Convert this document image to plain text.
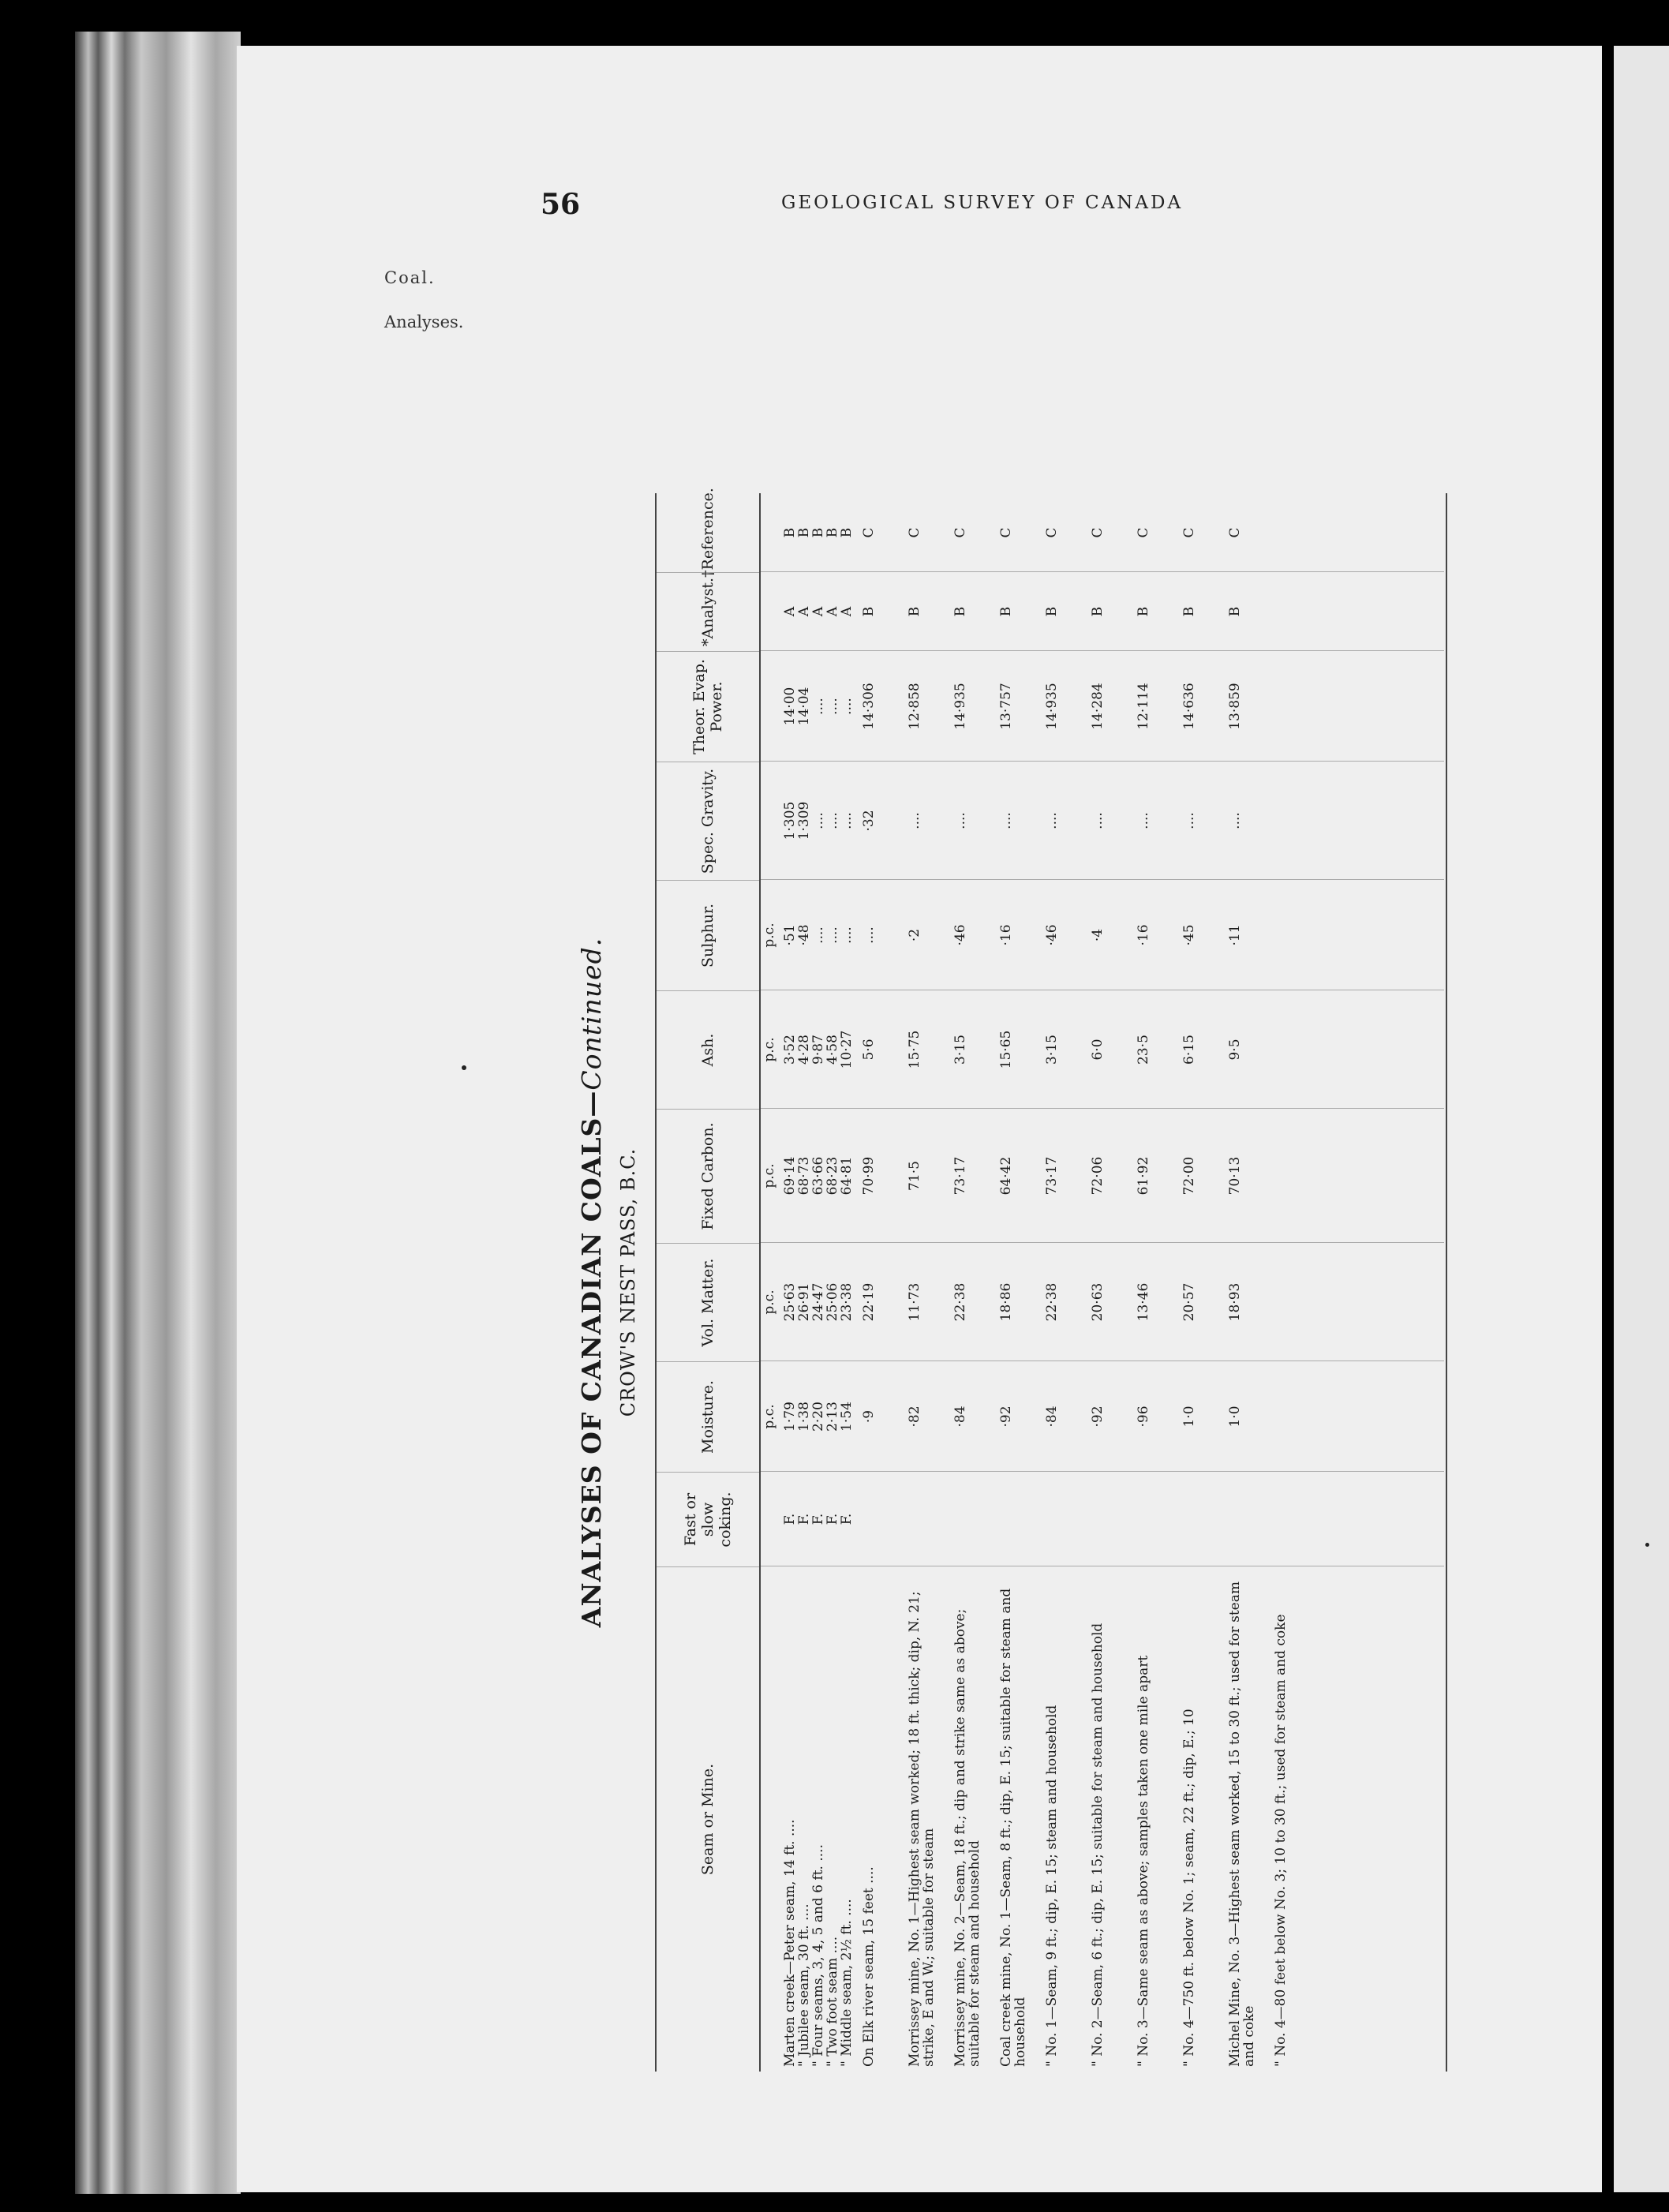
56	GEOLOGICAL SURVEY OF CANADA
Coal.
Analyses.
ANALYSES OF CANADIAN COALS—Continued.
CROW'S NEST PASS, B.C.
Seam or Mine.
Fast or slow coking.
Moisture.
Vol. Matter.
Fixed Carbon.
Ash.
Sulphur.
Spec. Gravity.
Theor. Evap. Power.
*Analyst.
†Reference.
p.c.
p.c.
p.c.
p.c.
p.c.
Marten creek—Peter seam, 14 ft. ....
" Jubilee seam, 30 ft. ....
" Four seams, 3, 4, 5 and 6 ft. ....
" Two foot seam ....
" Middle seam, 2½ ft. ....
F.
F.
F.
F.
F.
1·79
1·38
2·20
2·13
1·54
25·63
26·91
24·47
25·06
23·38
69·14
68·73
63·66
68·23
64·81
3·52
4·28
9·87
4·58
10·27
·51
·48
....
....
....
1·305
1·309
....
....
....
14·00
14·04
....
....
....
A
A
A
A
A
B
B
B
B
B
On Elk river seam, 15 feet ....
·9
22·19
70·99
5·6
....
·32
14·306
B
C
Morrissey mine, No. 1—Highest seam worked; 18 ft. thick; dip, N. 21; strike, E and W.; suitable for steam
·82
11·73
71·5
15·75
·2
....
12·858
B
C
Morrissey mine, No. 2—Seam, 18 ft.; dip and strike same as above; suitable for steam and household
·84
22·38
73·17
3·15
·46
....
14·935
B
C
Coal creek mine, No. 1—Seam, 8 ft.; dip, E. 15; suitable for steam and household
·92
18·86
64·42
15·65
·16
....
13·757
B
C
" No. 1—Seam, 9 ft.; dip, E. 15; steam and household
·84
22·38
73·17
3·15
·46
....
14·935
B
C
" No. 2—Seam, 6 ft.; dip, E. 15; suitable for steam and household
·92
20·63
72·06
6·0
·4
....
14·284
B
C
" No. 3—Same seam as above; samples taken one mile apart
·96
13·46
61·92
23·5
·16
....
12·114
B
C
" No. 4—750 ft. below No. 1; seam, 22 ft.; dip, E.; 10
1·0
20·57
72·00
6·15
·45
....
14·636
B
C
Michel Mine, No. 3—Highest seam worked, 15 to 30 ft.; used for steam and coke
1·0
18·93
70·13
9·5
·11
....
13·859
B
C
" No. 4—80 feet below No. 3; 10 to 30 ft.; used for steam and coke
